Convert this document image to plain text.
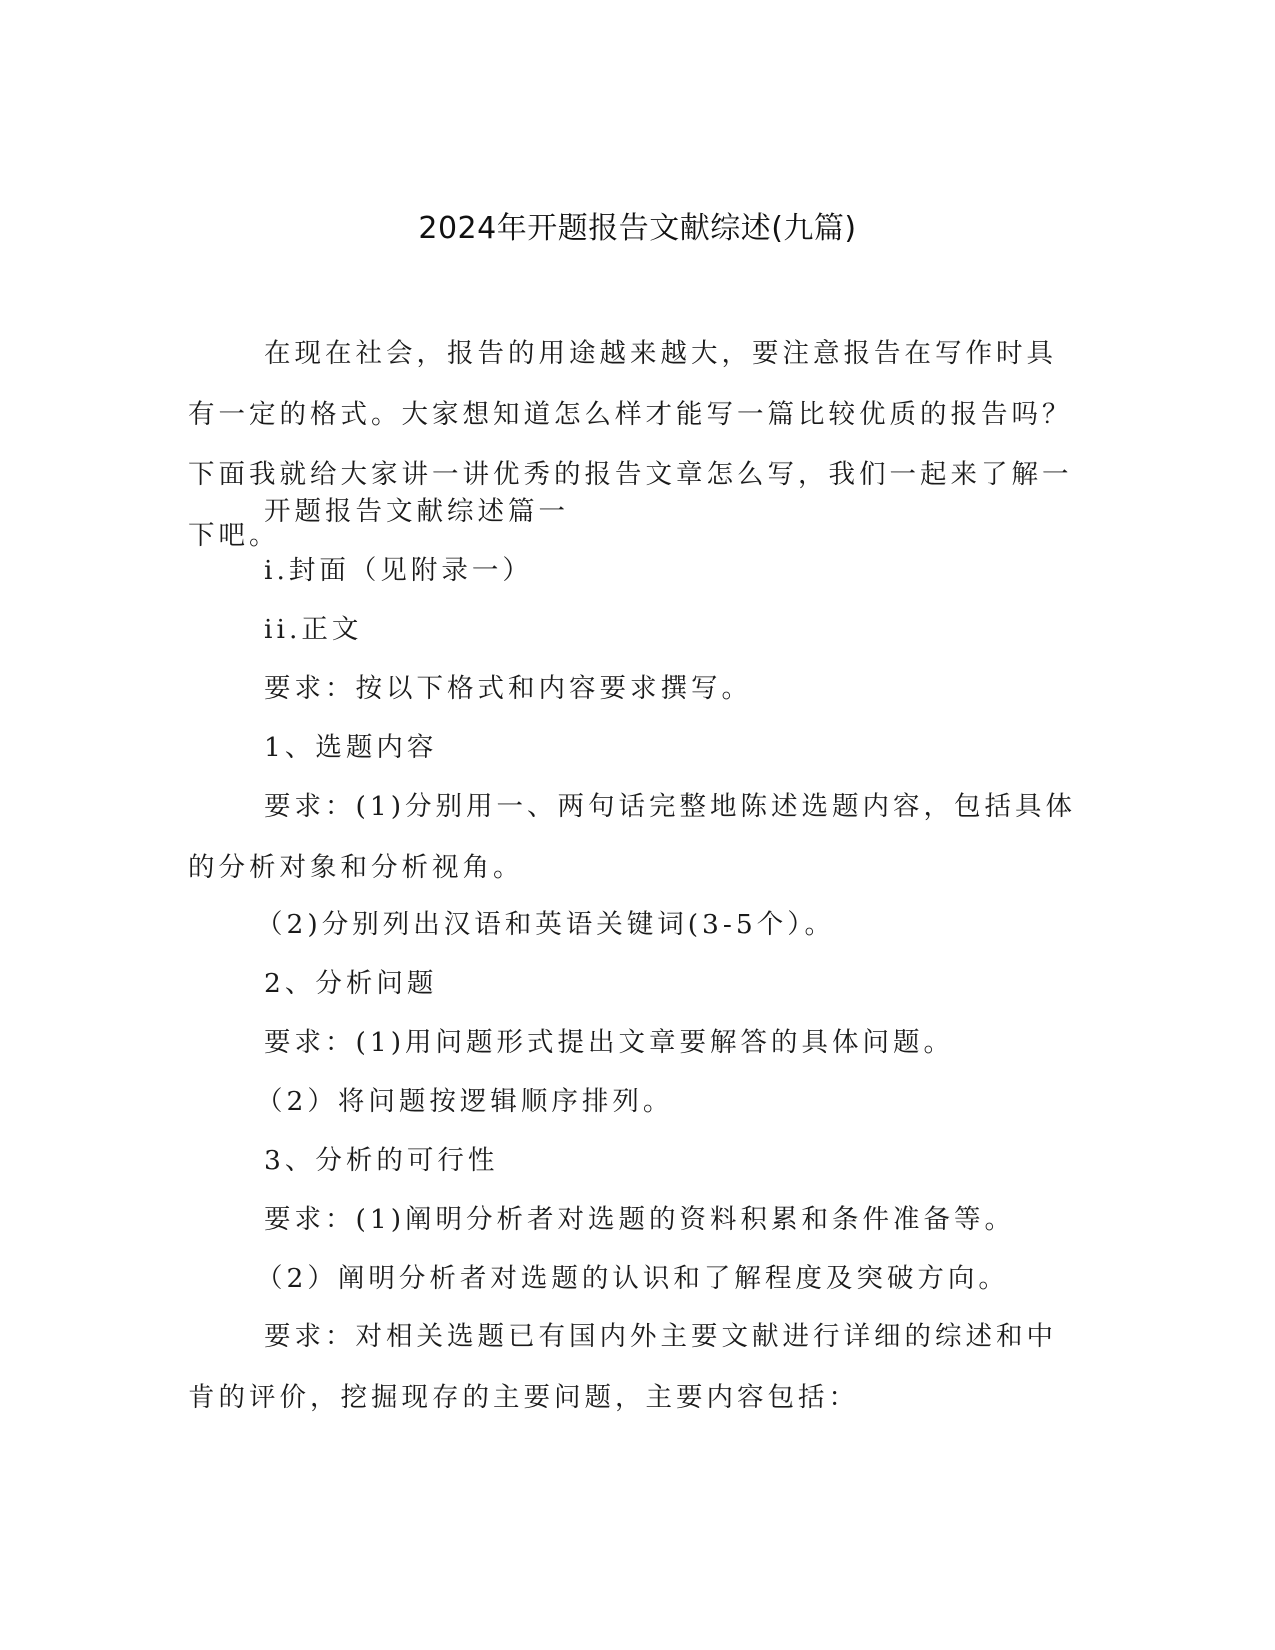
2024年开题报告文献综述(九篇)

在现在社会，报告的用途越来越大，要注意报告在写作时具有一定的格式。大家想知道怎么样才能写一篇比较优质的报告吗？下面我就给大家讲一讲优秀的报告文章怎么写，我们一起来了解一下吧。

开题报告文献综述篇一

i.封面（见附录一）

ii.正文

要求：按以下格式和内容要求撰写。

1、选题内容

要求：(1)分别用一、两句话完整地陈述选题内容，包括具体的分析对象和分析视角。

（2)分别列出汉语和英语关键词(3-5个）。

2、分析问题

要求：(1)用问题形式提出文章要解答的具体问题。

（2）将问题按逻辑顺序排列。

3、分析的可行性

要求：(1)阐明分析者对选题的资料积累和条件准备等。

（2）阐明分析者对选题的认识和了解程度及突破方向。

要求：对相关选题已有国内外主要文献进行详细的综述和中肯的评价，挖掘现存的主要问题，主要内容包括：
